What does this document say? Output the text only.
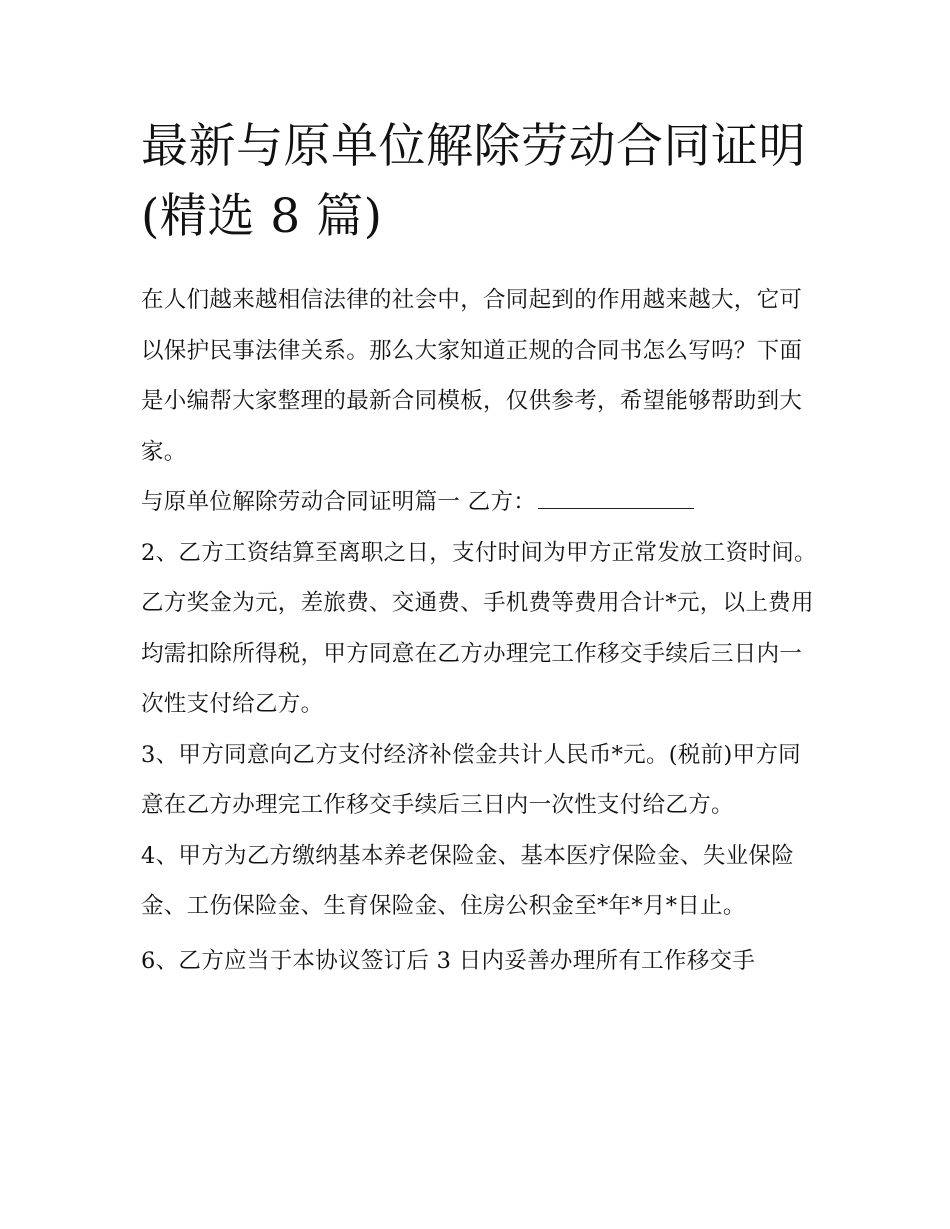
最新与原单位解除劳动合同证明(精选 8 篇)

在人们越来越相信法律的社会中，合同起到的作用越来越大，它可以保护民事法律关系。那么大家知道正规的合同书怎么写吗？下面是小编帮大家整理的最新合同模板，仅供参考，希望能够帮助到大家。

与原单位解除劳动合同证明篇一 乙方：

2、乙方工资结算至离职之日，支付时间为甲方正常发放工资时间。乙方奖金为元，差旅费、交通费、手机费等费用合计*元，以上费用均需扣除所得税，甲方同意在乙方办理完工作移交手续后三日内一次性支付给乙方。

3、甲方同意向乙方支付经济补偿金共计人民币*元。(税前)甲方同意在乙方办理完工作移交手续后三日内一次性支付给乙方。

4、甲方为乙方缴纳基本养老保险金、基本医疗保险金、失业保险金、工伤保险金、生育保险金、住房公积金至*年*月*日止。

6、乙方应当于本协议签订后 3 日内妥善办理所有工作移交手
